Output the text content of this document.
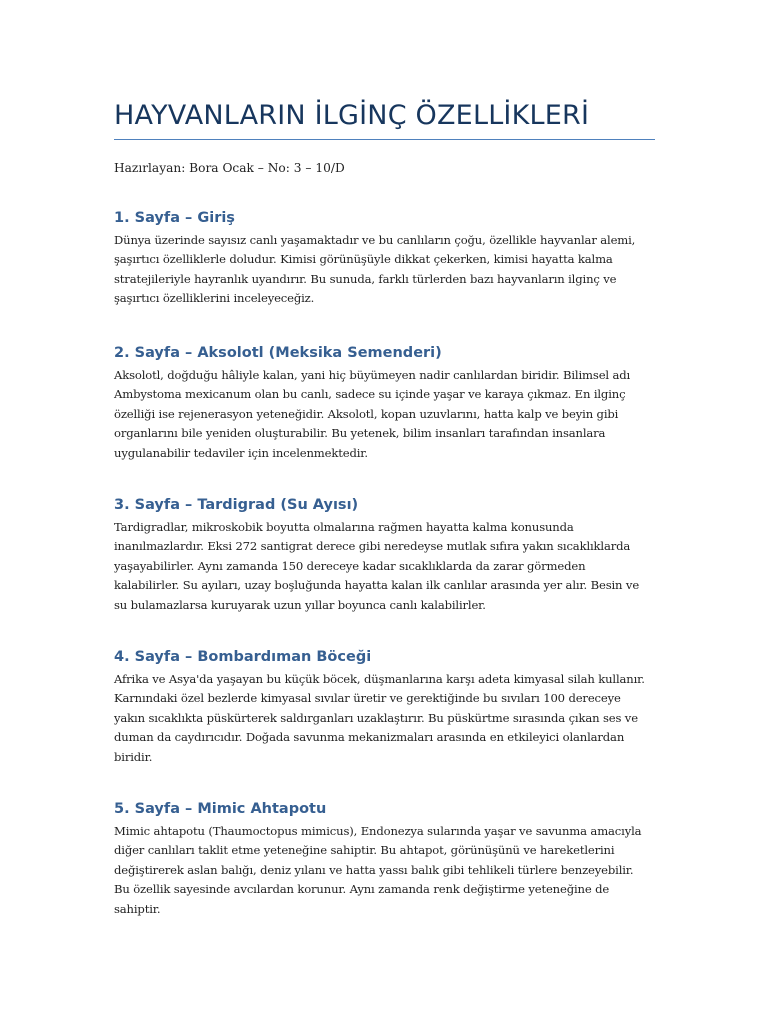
HAYVANLARIN İLGİNÇ ÖZELLİKLERİ

Hazırlayan: Bora Ocak – No: 3 – 10/D

1. Sayfa – Giriş

Dünya üzerinde sayısız canlı yaşamaktadır ve bu canlıların çoğu, özellikle hayvanlar alemi,
şaşırtıcı özelliklerle doludur. Kimisi görünüşüyle dikkat çekerken, kimisi hayatta kalma
stratejileriyle hayranlık uyandırır. Bu sunuda, farklı türlerden bazı hayvanların ilginç ve
şaşırtıcı özelliklerini inceleyeceğiz.

2. Sayfa – Aksolotl (Meksika Semenderi)

Aksolotl, doğduğu hâliyle kalan, yani hiç büyümeyen nadir canlılardan biridir. Bilimsel adı
Ambystoma mexicanum olan bu canlı, sadece su içinde yaşar ve karaya çıkmaz. En ilginç
özelliği ise rejenerasyon yeteneğidir. Aksolotl, kopan uzuvlarını, hatta kalp ve beyin gibi
organlarını bile yeniden oluşturabilir. Bu yetenek, bilim insanları tarafından insanlara
uygulanabilir tedaviler için incelenmektedir.

3. Sayfa – Tardigrad (Su Ayısı)

Tardigradlar, mikroskobik boyutta olmalarına rağmen hayatta kalma konusunda
inanılmazlardır. Eksi 272 santigrat derece gibi neredeyse mutlak sıfıra yakın sıcaklıklarda
yaşayabilirler. Aynı zamanda 150 dereceye kadar sıcaklıklarda da zarar görmeden
kalabilirler. Su ayıları, uzay boşluğunda hayatta kalan ilk canlılar arasında yer alır. Besin ve
su bulamazlarsa kuruyarak uzun yıllar boyunca canlı kalabilirler.

4. Sayfa – Bombardıman Böceği

Afrika ve Asya'da yaşayan bu küçük böcek, düşmanlarına karşı adeta kimyasal silah kullanır.
Karnındaki özel bezlerde kimyasal sıvılar üretir ve gerektiğinde bu sıvıları 100 dereceye
yakın sıcaklıkta püskürterek saldırganları uzaklaştırır. Bu püskürtme sırasında çıkan ses ve
duman da caydırıcıdır. Doğada savunma mekanizmaları arasında en etkileyici olanlardan
biridir.

5. Sayfa – Mimic Ahtapotu

Mimic ahtapotu (Thaumoctopus mimicus), Endonezya sularında yaşar ve savunma amacıyla
diğer canlıları taklit etme yeteneğine sahiptir. Bu ahtapot, görünüşünü ve hareketlerini
değiştirerek aslan balığı, deniz yılanı ve hatta yassı balık gibi tehlikeli türlere benzeyebilir.
Bu özellik sayesinde avcılardan korunur. Aynı zamanda renk değiştirme yeteneğine de
sahiptir.
